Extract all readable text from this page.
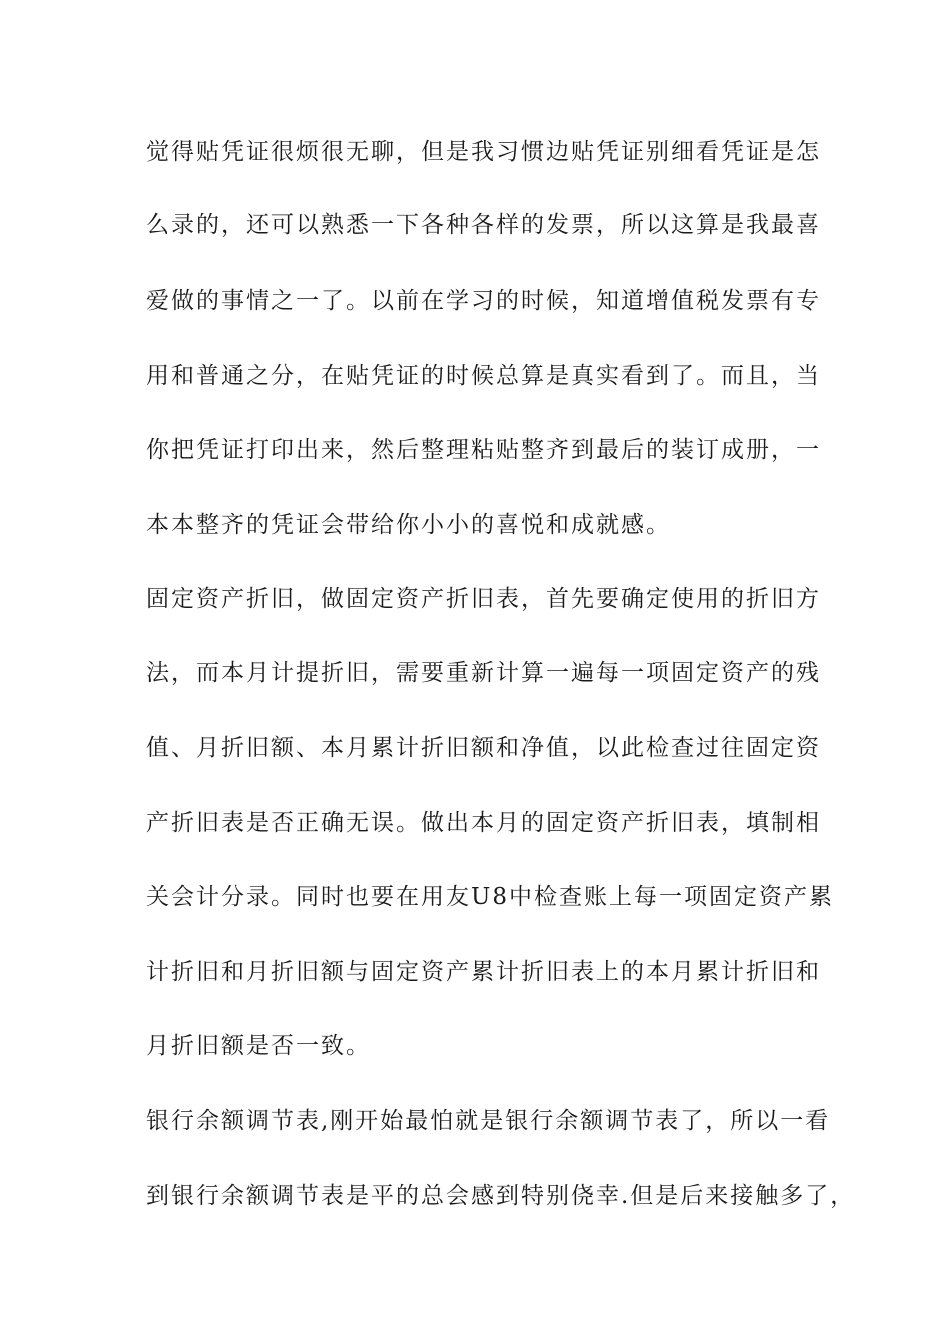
觉得贴凭证很烦很无聊，但是我习惯边贴凭证别细看凭证是怎
么录的，还可以熟悉一下各种各样的发票，所以这算是我最喜
爱做的事情之一了。以前在学习的时候，知道增值税发票有专
用和普通之分，在贴凭证的时候总算是真实看到了。而且，当
你把凭证打印出来，然后整理粘贴整齐到最后的装订成册，一
本本整齐的凭证会带给你小小的喜悦和成就感。
固定资产折旧，做固定资产折旧表，首先要确定使用的折旧方
法，而本月计提折旧，需要重新计算一遍每一项固定资产的残
值、月折旧额、本月累计折旧额和净值，以此检查过往固定资
产折旧表是否正确无误。做出本月的固定资产折旧表，填制相
关会计分录。同时也要在用友U8中检查账上每一项固定资产累
计折旧和月折旧额与固定资产累计折旧表上的本月累计折旧和
月折旧额是否一致。
银行余额调节表,刚开始最怕就是银行余额调节表了，所以一看
到银行余额调节表是平的总会感到特别侥幸.但是后来接触多了，
